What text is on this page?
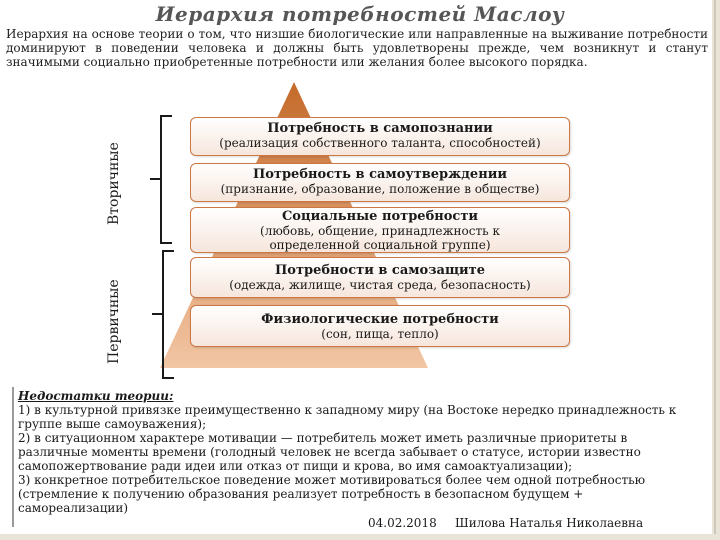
Иерархия потребностей Маслоу
Иерархия на основе теории о том, что низшие биологические или направленные на выживание потребности доминируют в поведении человека и должны быть удовлетворены прежде, чем возникнут и станут значимыми социально приобретенные потребности или желания более высокого порядка.
Вторичные
Первичные
Потребность в самопознании
(реализация собственного таланта, способностей)
Потребность в самоутверждении
(признание, образование, положение в обществе)
Социальные потребности
(любовь, общение, принадлежность к определенной социальной группе)
Потребности в самозащите
(одежда, жилище, чистая среда, безопасность)
Физиологические потребности
(сон, пища, тепло)
Недостатки теории:
1) в культурной привязке преимущественно к западному миру (на Востоке нередко принадлежность к группе выше самоуважения);
2) в ситуационном характере мотивации — потребитель может иметь различные приоритеты в различные моменты времени (голодный человек не всегда забывает о статусе, истории известно самопожертвование ради идеи или отказ от пищи и крова, во имя самоактуализации);
3) конкретное потребительское поведение может мотивироваться более чем одной потребностью (стремление к получению образования реализует потребность в безопасном будущем + самореализации)
04.02.2018 Шилова Наталья Николаевна
